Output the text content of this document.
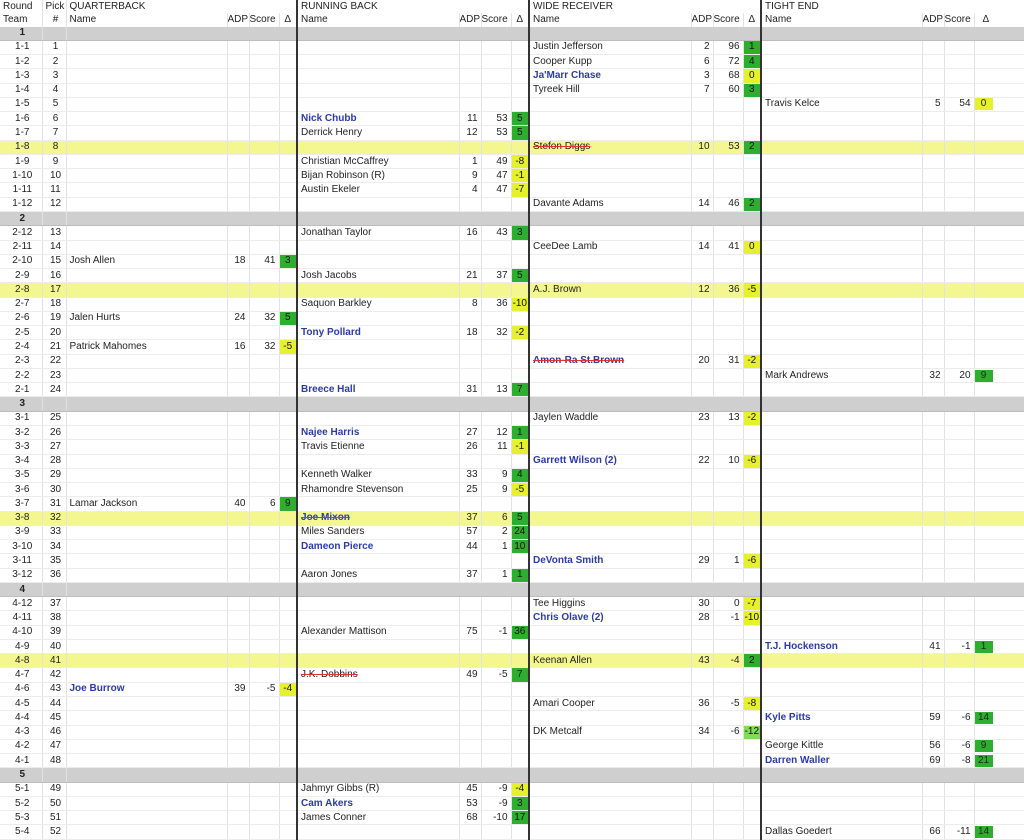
Round	Pick	QUARTERBACK				RUNNING BACK				WIDE RECEIVER				TIGHT END			
Team	#	Name	ADP	Score	Δ	Name	ADP	Score	Δ	Name	ADP	Score	Δ	Name	ADP	Score	Δ
1																	
1-1	1									Justin Jefferson	2	96	1				
1-2	2									Cooper Kupp	6	72	4				
1-3	3									Ja'Marr Chase	3	68	0				
1-4	4									Tyreek Hill	7	60	3				
1-5	5													Travis Kelce	5	54	0
1-6	6					Nick Chubb	11	53	5								
1-7	7					Derrick Henry	12	53	5								
1-8	8									Stefon Diggs	10	53	2				
1-9	9					Christian McCaffrey	1	49	-8								
1-10	10					Bijan Robinson (R)	9	47	-1								
1-11	11					Austin Ekeler	4	47	-7								
1-12	12									Davante Adams	14	46	2				
2																	
2-12	13					Jonathan Taylor	16	43	3								
2-11	14									CeeDee Lamb	14	41	0				
2-10	15	Josh Allen	18	41	3												
2-9	16					Josh Jacobs	21	37	5								
2-8	17									A.J. Brown	12	36	-5				
2-7	18					Saquon Barkley	8	36	-10								
2-6	19	Jalen Hurts	24	32	5												
2-5	20					Tony Pollard	18	32	-2								
2-4	21	Patrick Mahomes	16	32	-5												
2-3	22									Amon-Ra St.Brown	20	31	-2				
2-2	23													Mark Andrews	32	20	9
2-1	24					Breece Hall	31	13	7								
3																	
3-1	25									Jaylen Waddle	23	13	-2				
3-2	26					Najee Harris	27	12	1								
3-3	27					Travis Etienne	26	11	-1								
3-4	28									Garrett Wilson (2)	22	10	-6				
3-5	29					Kenneth Walker	33	9	4								
3-6	30					Rhamondre Stevenson	25	9	-5								
3-7	31	Lamar Jackson	40	6	9												
3-8	32					Joe Mixon	37	6	5								
3-9	33					Miles Sanders	57	2	24								
3-10	34					Dameon Pierce	44	1	10								
3-11	35									DeVonta Smith	29	1	-6				
3-12	36					Aaron Jones	37	1	1								
4																	
4-12	37									Tee Higgins	30	0	-7				
4-11	38									Chris Olave (2)	28	-1	-10				
4-10	39					Alexander Mattison	75	-1	36								
4-9	40													T.J. Hockenson	41	-1	1
4-8	41									Keenan Allen	43	-4	2				
4-7	42					J.K. Dobbins	49	-5	7								
4-6	43	Joe Burrow	39	-5	-4												
4-5	44									Amari Cooper	36	-5	-8				
4-4	45													Kyle Pitts	59	-6	14
4-3	46									DK Metcalf	34	-6	-12				
4-2	47													George Kittle	56	-6	9
4-1	48													Darren Waller	69	-8	21
5																	
5-1	49					Jahmyr Gibbs (R)	45	-9	-4								
5-2	50					Cam Akers	53	-9	3								
5-3	51					James Conner	68	-10	17								
5-4	52													Dallas Goedert	66	-11	14
